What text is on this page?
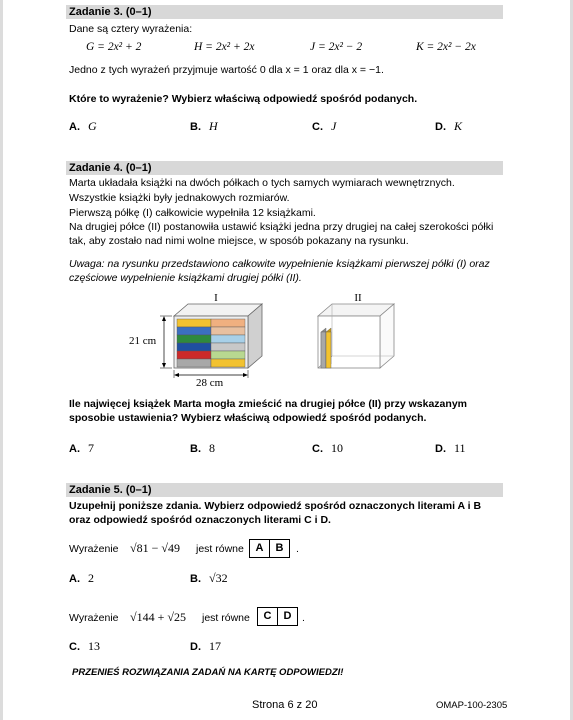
Zadanie 3. (0–1)
Dane są cztery wyrażenia:
G = 2x² + 2	H = 2x² + 2x	J = 2x² − 2	K = 2x² − 2x
Jedno z tych wyrażeń przyjmuje wartość 0 dla x = 1 oraz dla x = −1.
Które to wyrażenie? Wybierz właściwą odpowiedź spośród podanych.
A. G	B. H	C. J	D. K
Zadanie 4. (0–1)
Marta układała książki na dwóch półkach o tych samych wymiarach wewnętrznych.
Wszystkie książki były jednakowych rozmiarów.
Pierwszą półkę (I) całkowicie wypełniła 12 książkami.
Na drugiej półce (II) postanowiła ustawić książki jedna przy drugiej na całej szerokości półki
tak, aby zostało nad nimi wolne miejsce, w sposób pokazany na rysunku.
Uwaga: na rysunku przedstawiono całkowite wypełnienie książkami pierwszej półki (I) oraz
częściowe wypełnienie książkami drugiej półki (II).
I	II
21 cm
28 cm
Ile najwięcej książek Marta mogła zmieścić na drugiej półce (II) przy wskazanym
sposobie ustawienia? Wybierz właściwą odpowiedź spośród podanych.
A. 7	B. 8	C. 10	D. 11
Zadanie 5. (0–1)
Uzupełnij poniższe zdania. Wybierz odpowiedź spośród oznaczonych literami A i B
oraz odpowiedź spośród oznaczonych literami C i D.
Wyrażenie √81 − √49 jest równe	A	B	.
A. 2	B. √32
Wyrażenie √144 + √25 jest równe	C	D	.
C. 13	D. 17
PRZENIEŚ ROZWIĄZANIA ZADAŃ NA KARTĘ ODPOWIEDZI!
Strona 6 z 20	OMAP-100-2305
